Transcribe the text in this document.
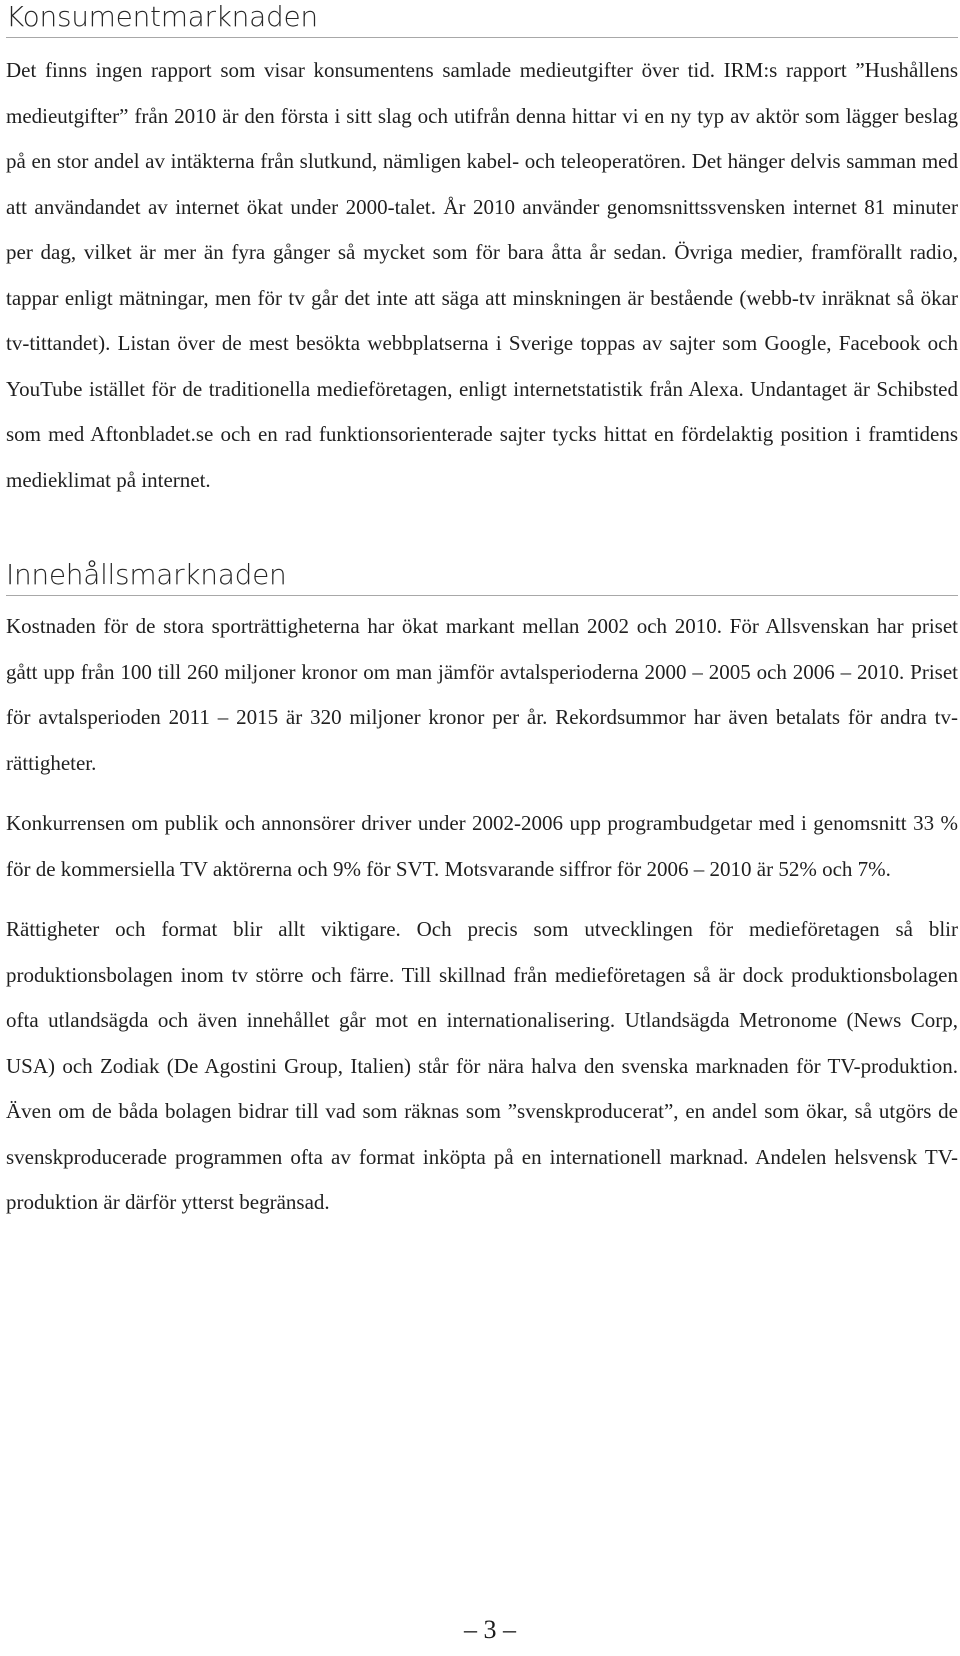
Konsumentmarknaden

Det finns ingen rapport som visar konsumentens samlade medieutgifter över tid. IRM:s rapport ”Hushållens medieutgifter” från 2010 är den första i sitt slag och utifrån denna hittar vi en ny typ av aktör som lägger beslag på en stor andel av intäkterna från slutkund, nämligen kabel- och teleoperatören. Det hänger delvis samman med att användandet av internet ökat under 2000-talet. År 2010 använder genomsnittssvensken internet 81 minuter per dag, vilket är mer än fyra gånger så mycket som för bara åtta år sedan. Övriga medier, framförallt radio, tappar enligt mätningar, men för tv går det inte att säga att minskningen är bestående (webb-tv inräknat så ökar tv-tittandet). Listan över de mest besökta webbplatserna i Sverige toppas av sajter som Google, Facebook och YouTube istället för de traditionella medieföretagen, enligt internetstatistik från Alexa. Undantaget är Schibsted som med Aftonbladet.se och en rad funktionsorienterade sajter tycks hittat en fördelaktig position i framtidens medieklimat på internet.

Innehållsmarknaden

Kostnaden för de stora sporträttigheterna har ökat markant mellan 2002 och 2010. För Allsvenskan har priset gått upp från 100 till 260 miljoner kronor om man jämför avtalsperioderna 2000 – 2005 och 2006 – 2010. Priset för avtalsperioden 2011 – 2015 är 320 miljoner kronor per år. Rekordsummor har även betalats för andra tv-rättigheter.

Konkurrensen om publik och annonsörer driver under 2002-2006 upp programbudgetar med i genomsnitt 33 % för de kommersiella TV aktörerna och 9% för SVT. Motsvarande siffror för 2006 – 2010 är 52% och 7%.

Rättigheter och format blir allt viktigare. Och precis som utvecklingen för medieföretagen så blir produktionsbolagen inom tv större och färre. Till skillnad från medieföretagen så är dock produktionsbolagen ofta utlandsägda och även innehållet går mot en internationalisering. Utlandsägda Metronome (News Corp, USA) och Zodiak (De Agostini Group, Italien) står för nära halva den svenska marknaden för TV-produktion. Även om de båda bolagen bidrar till vad som räknas som ”svenskproducerat”, en andel som ökar, så utgörs de svenskproducerade programmen ofta av format inköpta på en internationell marknad. Andelen helsvensk TV-produktion är därför ytterst begränsad.

– 3 –
